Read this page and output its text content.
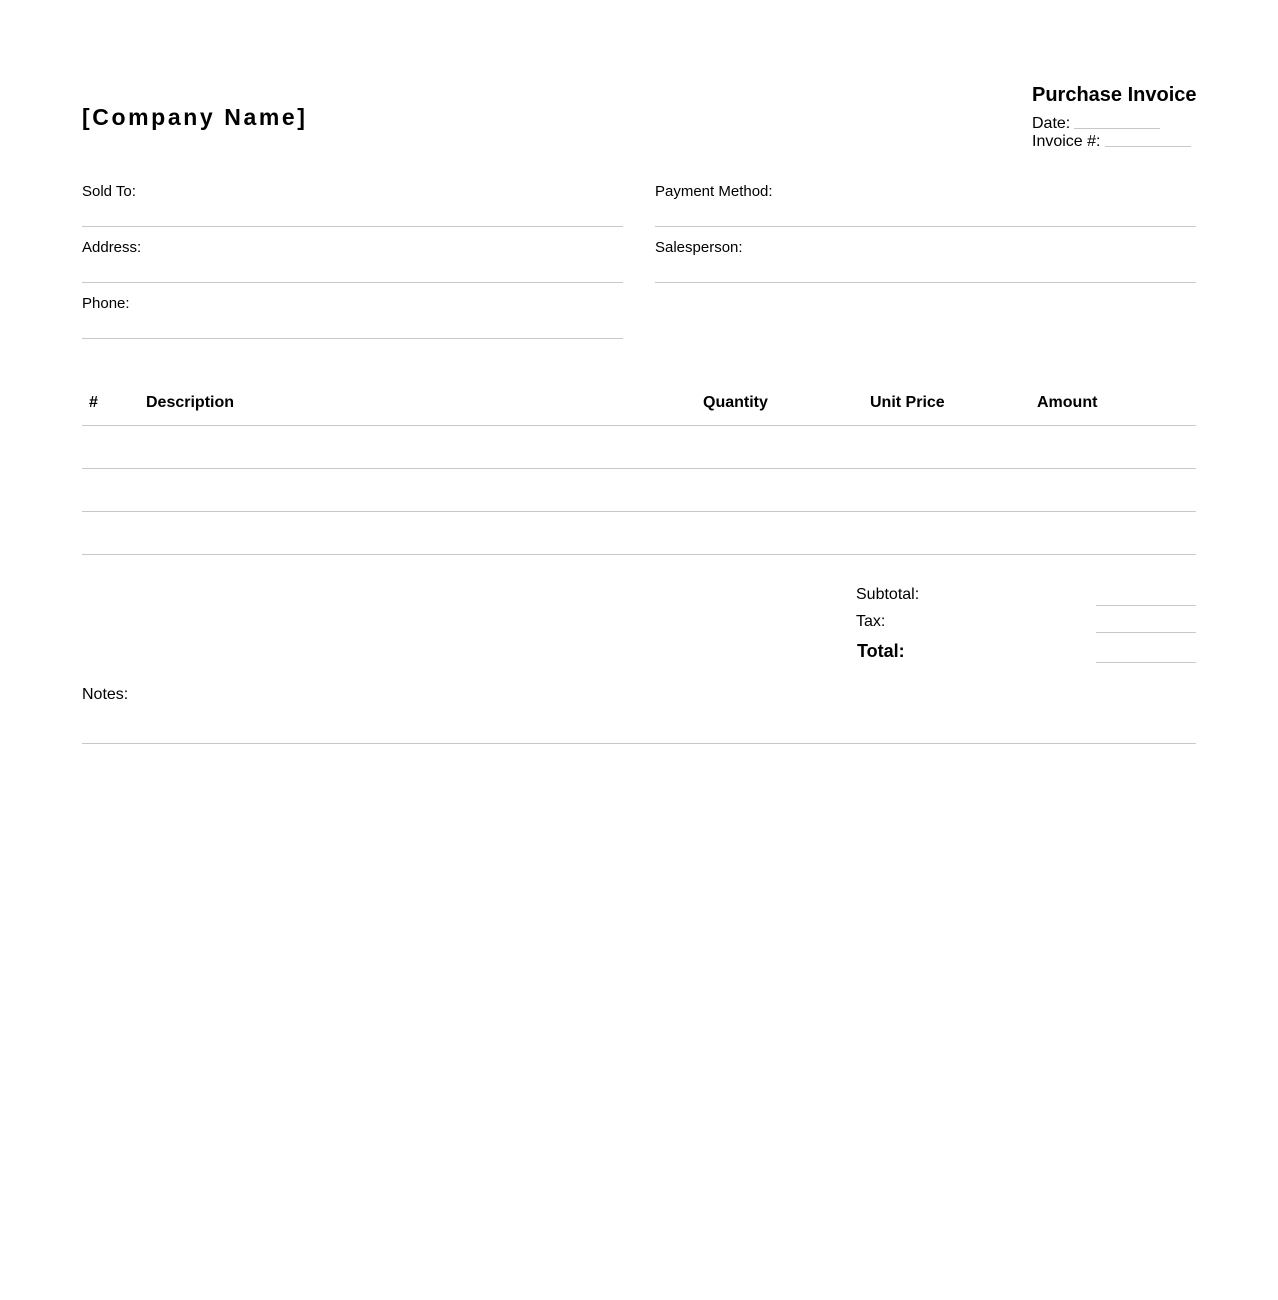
[Company Name]
Purchase Invoice
Date:
Invoice #:
Sold To:
Address:
Phone:
Payment Method:
Salesperson:
#	Description	Quantity	Unit Price	Amount
Subtotal:
Tax:
Total:
Notes:
